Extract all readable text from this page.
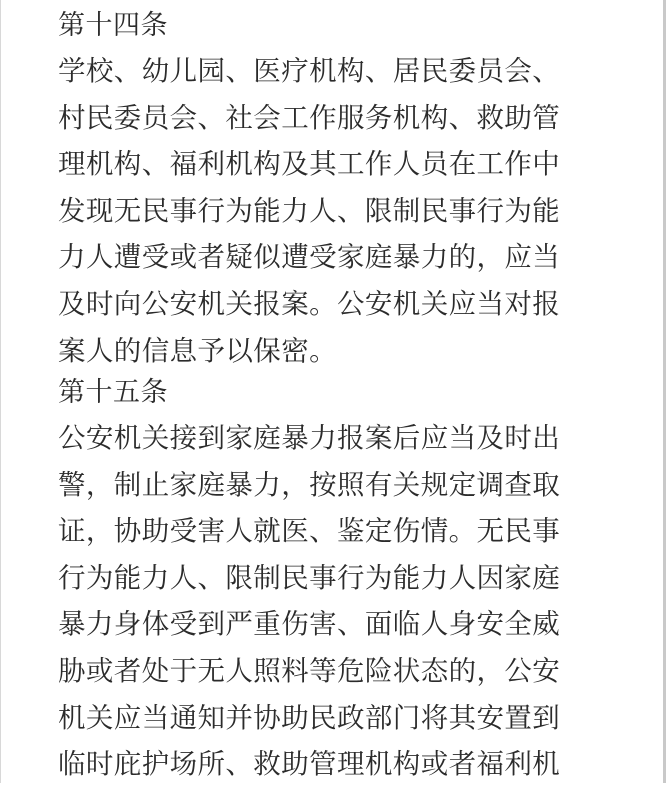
第十四条
学校、幼儿园、医疗机构、居民委员会、
村民委员会、社会工作服务机构、救助管
理机构、福利机构及其工作人员在工作中
发现无民事行为能力人、限制民事行为能
力人遭受或者疑似遭受家庭暴力的，应当
及时向公安机关报案。公安机关应当对报
案人的信息予以保密。
第十五条
公安机关接到家庭暴力报案后应当及时出
警，制止家庭暴力，按照有关规定调查取
证，协助受害人就医、鉴定伤情。无民事
行为能力人、限制民事行为能力人因家庭
暴力身体受到严重伤害、面临人身安全威
胁或者处于无人照料等危险状态的，公安
机关应当通知并协助民政部门将其安置到
临时庇护场所、救助管理机构或者福利机
